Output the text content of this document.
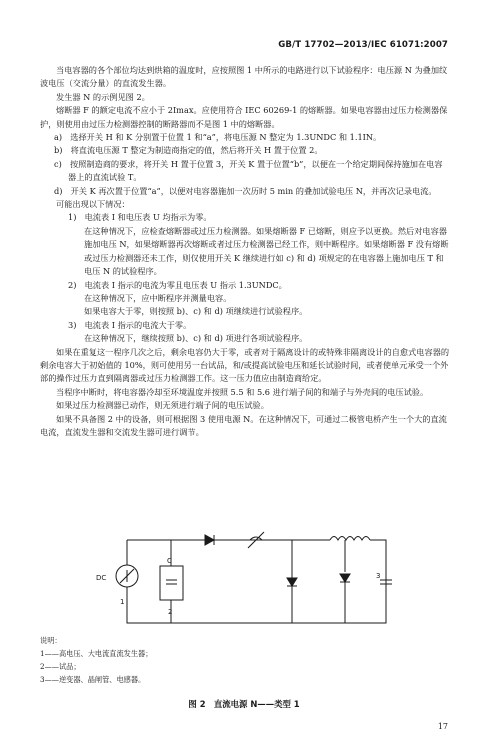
GB/T 17702—2013/IEC 61071:2007

当电容器的各个部位均达到烘箱的温度时，应按照图 1 中所示的电路进行以下试验程序：电压源 N 为叠加纹波电压（交流分量）的直流发生器。

发生器 N 的示例见图 2。

熔断器 F 的额定电流不应小于 2Imax。应使用符合 IEC 60269-1 的熔断器。如果电容器由过压力检测器保护，则使用由过压力检测器控制的断路器而不是图 1 中的熔断器。

a)　选择开关 H 和 K 分别置于位置 1 和“a”，将电压源 N 整定为 1.3UNDC 和 1.1IN。

b)　将直流电压源 T 整定为制造商指定的值，然后将开关 H 置于位置 2。

c)　按照制造商的要求，将开关 H 置于位置 3，开关 K 置于位置“b”，以便在一个给定期间保持施加在电容器上的直流试验 T。

d)　开关 K 再次置于位置“a”，以便对电容器施加一次历时 5 min 的叠加试验电压 N，并再次记录电流。

可能出现以下情况：

1)　电流表 I 和电压表 U 均指示为零。

在这种情况下，应检查熔断器或过压力检测器。如果熔断器 F 已熔断，则应予以更换。然后对电容器施加电压 N，如果熔断器再次熔断或者过压力检测器已经工作，则中断程序。如果熔断器 F 没有熔断或过压力检测器还未工作，则仅使用开关 K 继续进行如 c) 和 d) 项规定的在电容器上施加电压 T 和电压 N 的试验程序。

2)　电流表 I 指示的电流为零且电压表 U 指示 1.3UNDC。

在这种情况下，应中断程序并测量电容。

如果电容大于零，则按照 b)、c) 和 d) 项继续进行试验程序。

3)　电流表 I 指示的电流大于零。

在这种情况下，继续按照 b)、c) 和 d) 项进行各项试验程序。

如果在重复这一程序几次之后，剩余电容仍大于零，或者对于隔离设计的或特殊非隔离设计的自愈式电容器的剩余电容大于初始值的 10%，则可使用另一台试品，和/或提高试验电压和延长试验时间，或者使单元承受一个外部的操作过压力直到隔离器或过压力检测器工作。这一压力值应由制造商给定。

当程序中断时，将电容器冷却至环境温度并按照 5.5 和 5.6 进行端子间的和端子与外壳间的电压试验。

如果过压力检测器已动作，则无须进行端子间的电压试验。

如果不具备图 2 中的设备，则可根据图 3 使用电源 N。在这种情况下，可通过二极管电桥产生一个大的直流电流，直流发生器和交流发生器可进行调节。

DC
1
C
2
3

说明：

1——高电压、大电流直流发生器；

2——试品；

3——逆变器、晶闸管、电感器。

图 2　直流电源 N——类型 1
17
